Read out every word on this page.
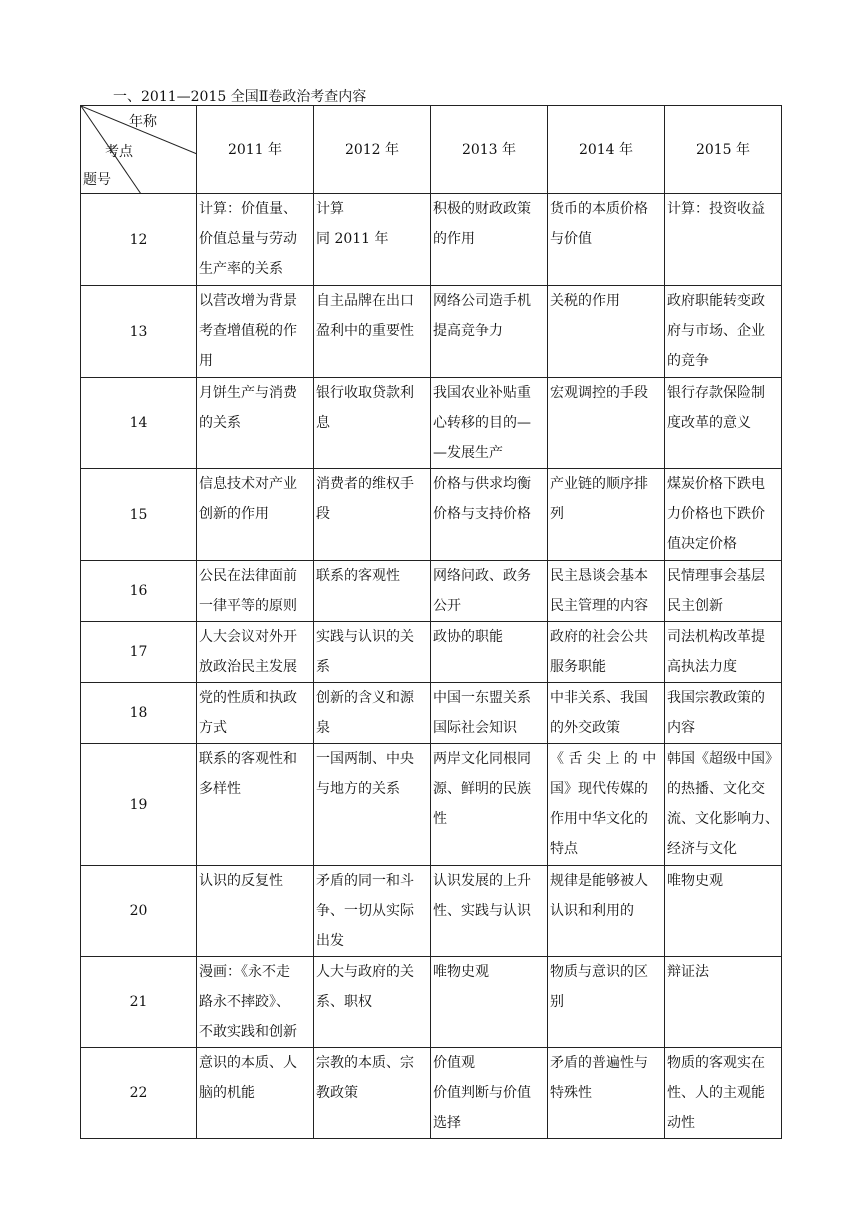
一、2011—2015 全国Ⅱ卷政治考查内容
年称
考点
题号	2011 年	2012 年	2013 年	2014 年	2015 年
12	计算：价值量、
价值总量与劳动
生产率的关系	计算
同 2011 年	积极的财政政策
的作用	货币的本质价格
与价值	计算：投资收益

13	以营改增为背景
考查增值税的作
用	自主品牌在出口
盈利中的重要性	网络公司造手机
提高竞争力	关税的作用	政府职能转变政
府与市场、企业
的竞争

14	月饼生产与消费
的关系	银行收取贷款利
息	我国农业补贴重
心转移的目的—
—发展生产	宏观调控的手段	银行存款保险制
度改革的意义

15	信息技术对产业
创新的作用	消费者的维权手
段	价格与供求均衡
价格与支持价格	产业链的顺序排
列	煤炭价格下跌电
力价格也下跌价
值决定价格

16	公民在法律面前
一律平等的原则	联系的客观性	网络问政、政务
公开	民主恳谈会基本
民主管理的内容	民情理事会基层
民主创新

17	人大会议对外开
放政治民主发展	实践与认识的关
系	政协的职能	政府的社会公共
服务职能	司法机构改革提
高执法力度

18	党的性质和执政
方式	创新的含义和源
泉	中国一东盟关系
国际社会知识	中非关系、我国
的外交政策	我国宗教政策的
内容

19	联系的客观性和
多样性	一国两制、中央
与地方的关系	两岸文化同根同
源、鲜明的民族
性	《 舌 尖 上 的 中
国》现代传媒的
作用中华文化的
特点	韩国《超级中国》
的热播、文化交
流、文化影响力、
经济与文化

20	认识的反复性	矛盾的同一和斗
争、一切从实际
出发	认识发展的上升
性、实践与认识	规律是能够被人
认识和利用的	唯物史观

21	漫画：《永不走
路永不摔跤》、
不敢实践和创新	人大与政府的关
系、职权	唯物史观	物质与意识的区
别	辩证法

22	意识的本质、人
脑的机能	宗教的本质、宗
教政策	价值观
价值判断与价值
选择	矛盾的普遍性与
特殊性	物质的客观实在
性、人的主观能
动性
